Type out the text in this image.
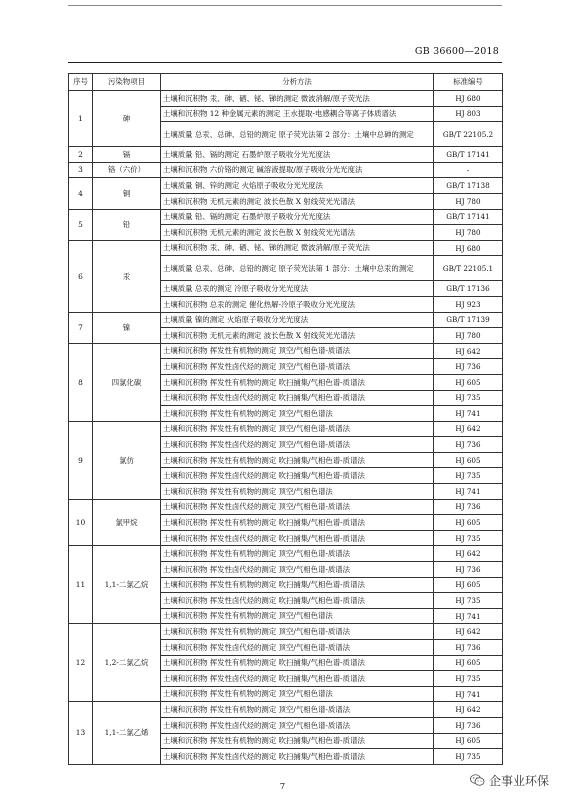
GB 36600—2018
序号	污染物项目	分析方法	标准编号
1	砷	土壤和沉积物 汞、砷、硒、铋、锑的测定 微波消解/原子荧光法	HJ 680
		土壤和沉积物 12 种金属元素的测定 王水提取-电感耦合等离子体质谱法	HJ 803
		土壤质量 总汞、总砷、总铅的测定 原子荧光法第 2 部分：土壤中总砷的测定	GB/T 22105.2
2	镉	土壤质量 铅、镉的测定 石墨炉原子吸收分光光度法	GB/T 17141
3	铬（六价）	土壤和沉积物 六价铬的测定 碱溶液提取/原子吸收分光光度法	-
4	铜	土壤质量 铜、锌的测定 火焰原子吸收分光光度法	GB/T 17138
		土壤和沉积物 无机元素的测定 波长色散 X 射线荧光光谱法	HJ 780
5	铅	土壤质量 铅、镉的测定 石墨炉原子吸收分光光度法	GB/T 17141
		土壤和沉积物 无机元素的测定 波长色散 X 射线荧光光谱法	HJ 780
6	汞	土壤和沉积物 汞、砷、硒、铋、锑的测定 微波消解/原子荧光法	HJ 680
		土壤质量 总汞、总砷、总铅的测定 原子荧光法第 1 部分：土壤中总汞的测定	GB/T 22105.1
		土壤质量 总汞的测定 冷原子吸收分光光度法	GB/T 17136
		土壤和沉积物 总汞的测定 催化热解-冷原子吸收分光光度法	HJ 923
7	镍	土壤质量 镍的测定 火焰原子吸收分光光度法	GB/T 17139
		土壤和沉积物 无机元素的测定 波长色散 X 射线荧光光谱法	HJ 780
8	四氯化碳	土壤和沉积物 挥发性有机物的测定 顶空/气相色谱-质谱法	HJ 642
		土壤和沉积物 挥发性卤代烃的测定 顶空/气相色谱-质谱法	HJ 736
		土壤和沉积物 挥发性有机物的测定 吹扫捕集/气相色谱-质谱法	HJ 605
		土壤和沉积物 挥发性卤代烃的测定 吹扫捕集/气相色谱-质谱法	HJ 735
		土壤和沉积物 挥发性有机物的测定 顶空/气相色谱法	HJ 741
9	氯仿	土壤和沉积物 挥发性有机物的测定 顶空/气相色谱-质谱法	HJ 642
		土壤和沉积物 挥发性卤代烃的测定 顶空/气相色谱-质谱法	HJ 736
		土壤和沉积物 挥发性有机物的测定 吹扫捕集/气相色谱-质谱法	HJ 605
		土壤和沉积物 挥发性卤代烃的测定 吹扫捕集/气相色谱-质谱法	HJ 735
		土壤和沉积物 挥发性有机物的测定 顶空/气相色谱法	HJ 741
10	氯甲烷	土壤和沉积物 挥发性卤代烃的测定 顶空/气相色谱-质谱法	HJ 736
		土壤和沉积物 挥发性有机物的测定 吹扫捕集/气相色谱-质谱法	HJ 605
		土壤和沉积物 挥发性卤代烃的测定 吹扫捕集/气相色谱-质谱法	HJ 735
11	1,1-二氯乙烷	土壤和沉积物 挥发性有机物的测定 顶空/气相色谱-质谱法	HJ 642
		土壤和沉积物 挥发性卤代烃的测定 顶空/气相色谱-质谱法	HJ 736
		土壤和沉积物 挥发性有机物的测定 吹扫捕集/气相色谱-质谱法	HJ 605
		土壤和沉积物 挥发性卤代烃的测定 吹扫捕集/气相色谱-质谱法	HJ 735
		土壤和沉积物 挥发性有机物的测定 顶空/气相色谱法	HJ 741
12	1,2-二氯乙烷	土壤和沉积物 挥发性有机物的测定 顶空/气相色谱-质谱法	HJ 642
		土壤和沉积物 挥发性卤代烃的测定 顶空/气相色谱-质谱法	HJ 736
		土壤和沉积物 挥发性有机物的测定 吹扫捕集/气相色谱-质谱法	HJ 605
		土壤和沉积物 挥发性卤代烃的测定 吹扫捕集/气相色谱-质谱法	HJ 735
		土壤和沉积物 挥发性有机物的测定 顶空/气相色谱法	HJ 741
13	1,1-二氯乙烯	土壤和沉积物 挥发性有机物的测定 顶空/气相色谱-质谱法	HJ 642
		土壤和沉积物 挥发性卤代烃的测定 顶空/气相色谱-质谱法	HJ 736
		土壤和沉积物 挥发性有机物的测定 吹扫捕集/气相色谱-质谱法	HJ 605
		土壤和沉积物 挥发性卤代烃的测定 吹扫捕集/气相色谱-质谱法	HJ 735
7	企事业环保
